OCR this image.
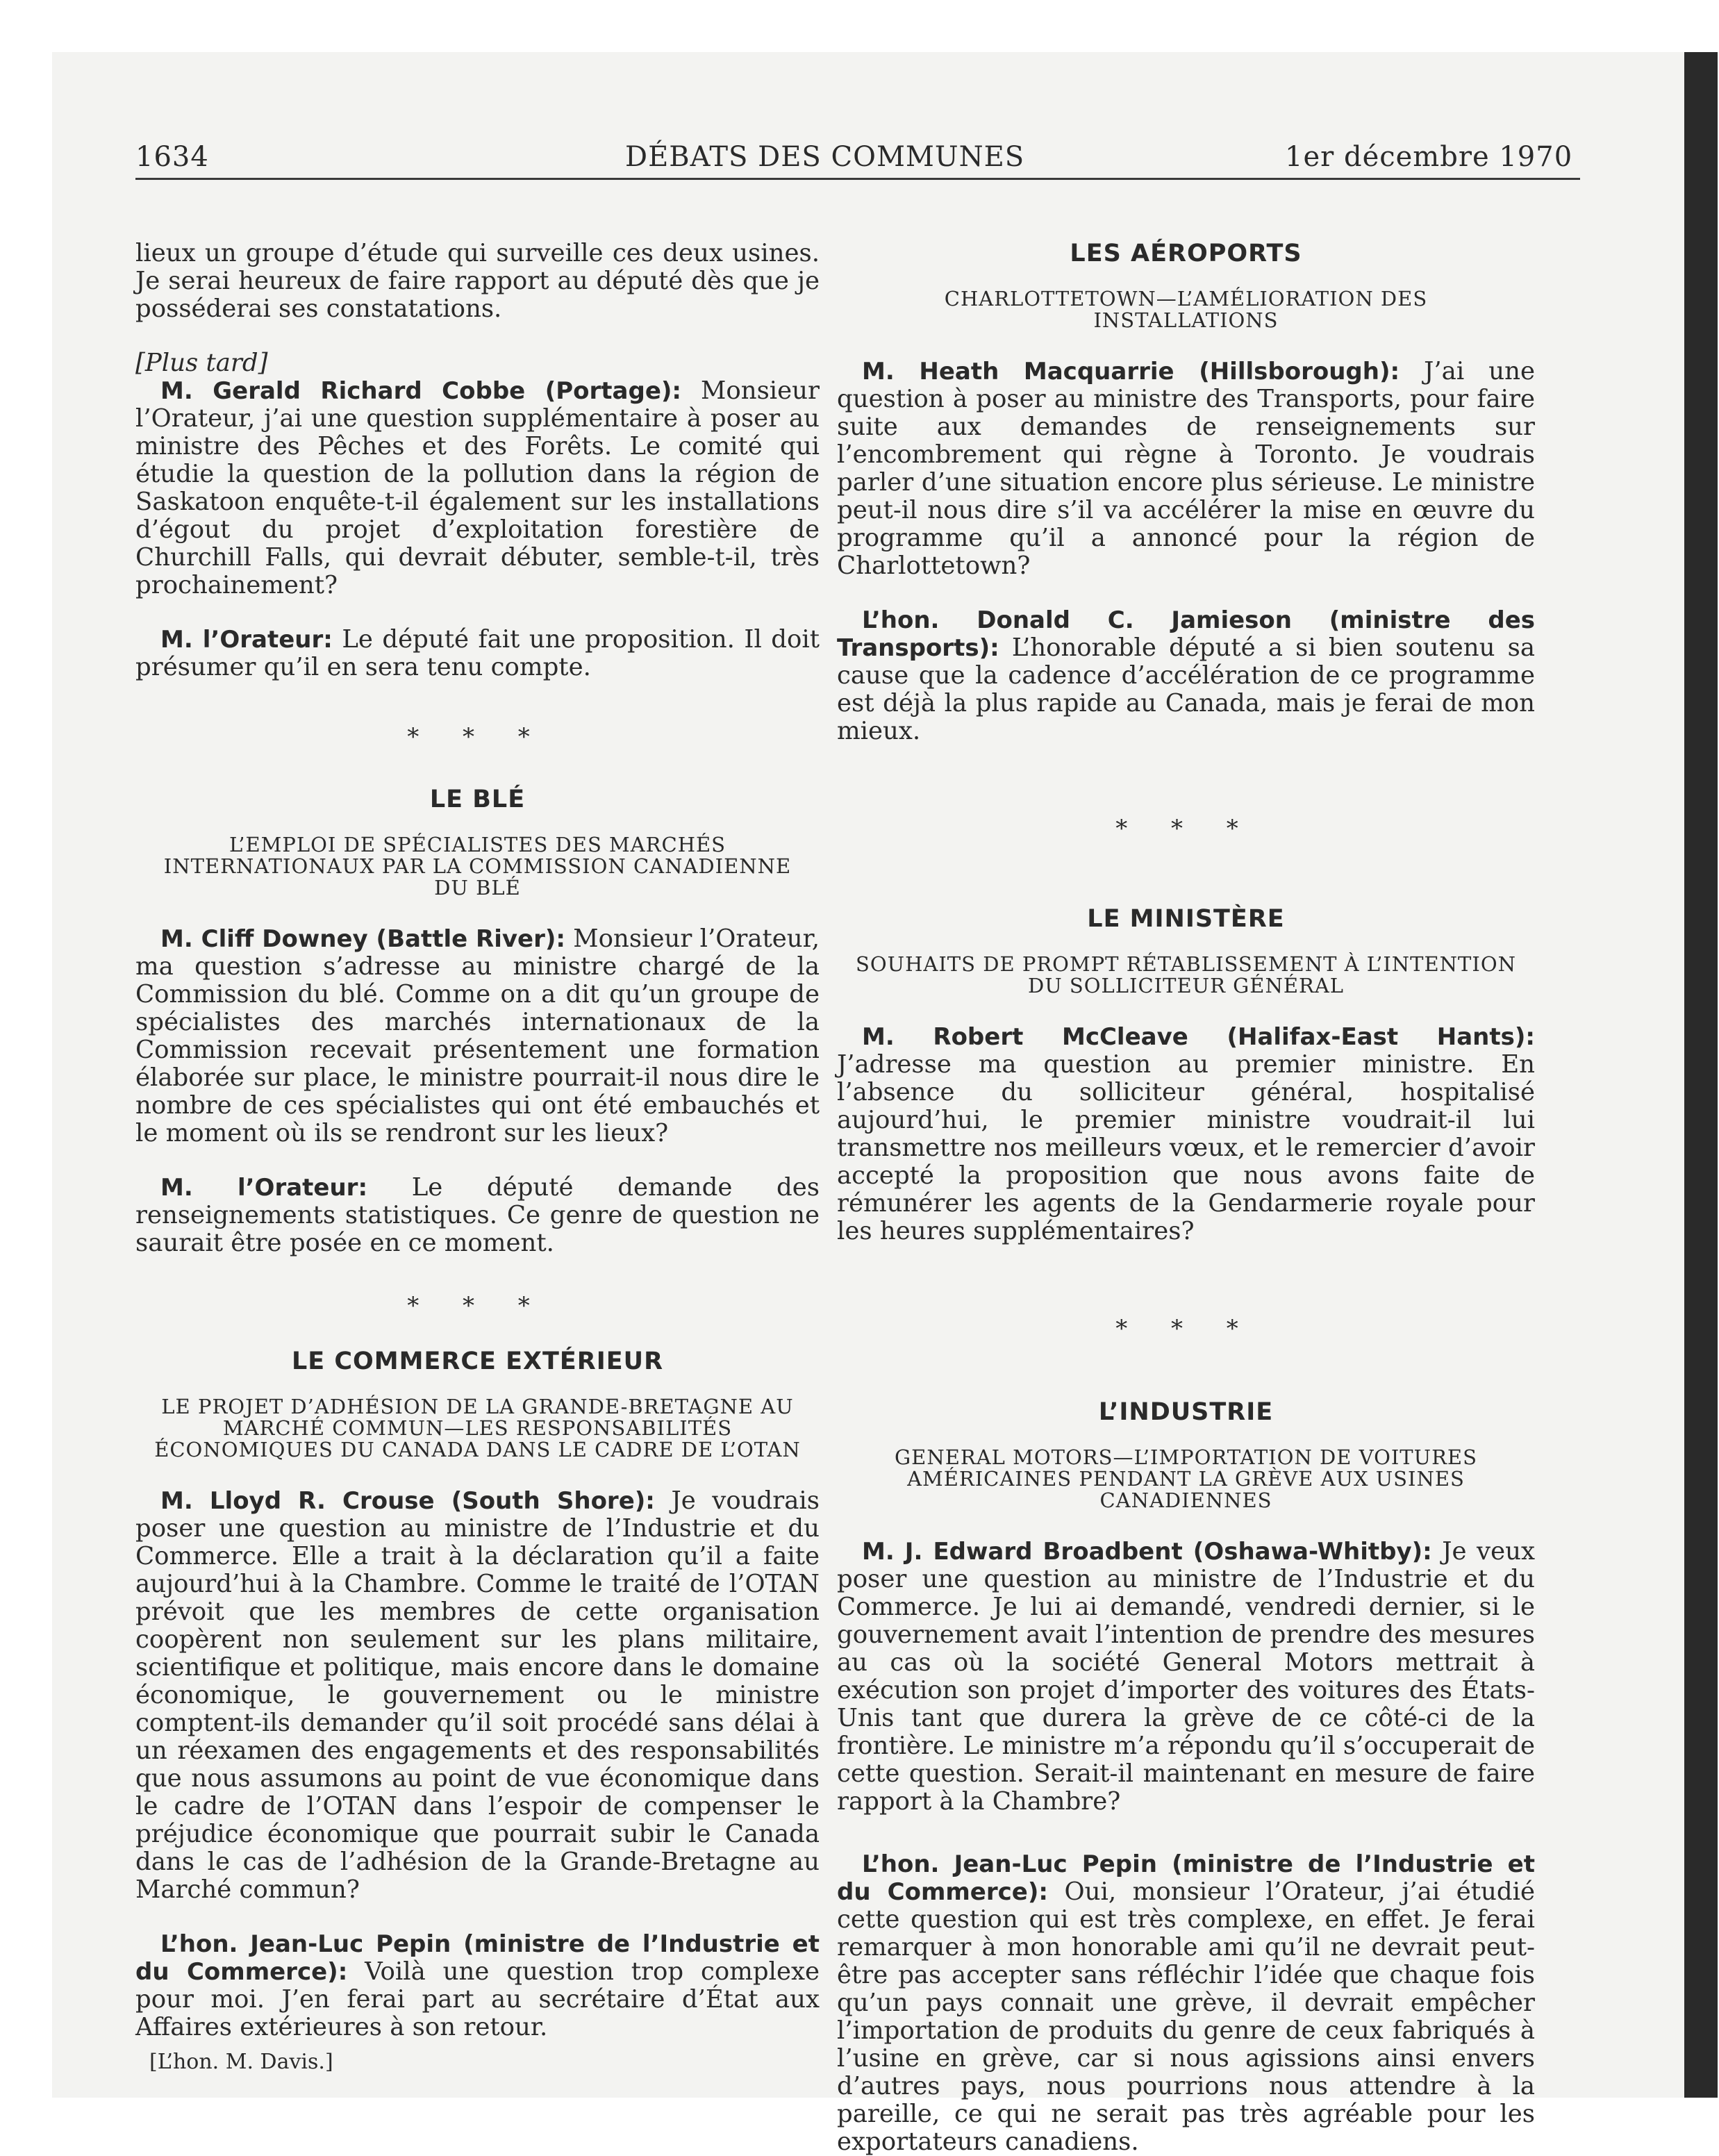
1634	DÉBATS DES COMMUNES	1er décembre 1970

lieux un groupe d’étude qui surveille ces deux usines. Je serai heureux de faire rapport au député dès que je posséderai ses constatations.

[Plus tard]

M. Gerald Richard Cobbe (Portage): Monsieur l’Orateur, j’ai une question supplémentaire à poser au ministre des Pêches et des Forêts. Le comité qui étudie la question de la pollution dans la région de Saskatoon enquête-t-il également sur les installations d’égout du projet d’exploitation forestière de Churchill Falls, qui devrait débuter, semble-t-il, très prochainement?

M. l’Orateur: Le député fait une proposition. Il doit présumer qu’il en sera tenu compte.

* * *

LE BLÉ

L’EMPLOI DE SPÉCIALISTES DES MARCHÉS INTERNATIONAUX PAR LA COMMISSION CANADIENNE DU BLÉ

M. Cliff Downey (Battle River): Monsieur l’Orateur, ma question s’adresse au ministre chargé de la Commission du blé. Comme on a dit qu’un groupe de spécialistes des marchés internationaux de la Commission recevait présentement une formation élaborée sur place, le ministre pourrait-il nous dire le nombre de ces spécialistes qui ont été embauchés et le moment où ils se rendront sur les lieux?

M. l’Orateur: Le député demande des renseignements statistiques. Ce genre de question ne saurait être posée en ce moment.

* * *

LE COMMERCE EXTÉRIEUR

LE PROJET D’ADHÉSION DE LA GRANDE-BRETAGNE AU MARCHÉ COMMUN—LES RESPONSABILITÉS ÉCONOMIQUES DU CANADA DANS LE CADRE DE L’OTAN

M. Lloyd R. Crouse (South Shore): Je voudrais poser une question au ministre de l’Industrie et du Commerce. Elle a trait à la déclaration qu’il a faite aujourd’hui à la Chambre. Comme le traité de l’OTAN prévoit que les membres de cette organisation coopèrent non seulement sur les plans militaire, scientifique et politique, mais encore dans le domaine économique, le gouvernement ou le ministre comptent-ils demander qu’il soit procédé sans délai à un réexamen des engagements et des responsabilités que nous assumons au point de vue économique dans le cadre de l’OTAN dans l’espoir de compenser le préjudice économique que pourrait subir le Canada dans le cas de l’adhésion de la Grande-Bretagne au Marché commun?

L’hon. Jean-Luc Pepin (ministre de l’Industrie et du Commerce): Voilà une question trop complexe pour moi. J’en ferai part au secrétaire d’État aux Affaires extérieures à son retour.

[L’hon. M. Davis.]

LES AÉROPORTS

CHARLOTTETOWN—L’AMÉLIORATION DES INSTALLATIONS

M. Heath Macquarrie (Hillsborough): J’ai une question à poser au ministre des Transports, pour faire suite aux demandes de renseignements sur l’encombrement qui règne à Toronto. Je voudrais parler d’une situation encore plus sérieuse. Le ministre peut-il nous dire s’il va accélérer la mise en œuvre du programme qu’il a annoncé pour la région de Charlottetown?

L’hon. Donald C. Jamieson (ministre des Transports): L’honorable député a si bien soutenu sa cause que la cadence d’accélération de ce programme est déjà la plus rapide au Canada, mais je ferai de mon mieux.

* * *

LE MINISTÈRE

SOUHAITS DE PROMPT RÉTABLISSEMENT À L’INTENTION DU SOLLICITEUR GÉNÉRAL

M. Robert McCleave (Halifax-East Hants): J’adresse ma question au premier ministre. En l’absence du solliciteur général, hospitalisé aujourd’hui, le premier ministre voudrait-il lui transmettre nos meilleurs vœux, et le remercier d’avoir accepté la proposition que nous avons faite de rémunérer les agents de la Gendarmerie royale pour les heures supplémentaires?

* * *

L’INDUSTRIE

GENERAL MOTORS—L’IMPORTATION DE VOITURES AMÉRICAINES PENDANT LA GRÈVE AUX USINES CANADIENNES

M. J. Edward Broadbent (Oshawa-Whitby): Je veux poser une question au ministre de l’Industrie et du Commerce. Je lui ai demandé, vendredi dernier, si le gouvernement avait l’intention de prendre des mesures au cas où la société General Motors mettrait à exécution son projet d’importer des voitures des États-Unis tant que durera la grève de ce côté-ci de la frontière. Le ministre m’a répondu qu’il s’occuperait de cette question. Serait-il maintenant en mesure de faire rapport à la Chambre?

L’hon. Jean-Luc Pepin (ministre de l’Industrie et du Commerce): Oui, monsieur l’Orateur, j’ai étudié cette question qui est très complexe, en effet. Je ferai remarquer à mon honorable ami qu’il ne devrait peut-être pas accepter sans réfléchir l’idée que chaque fois qu’un pays connait une grève, il devrait empêcher l’importation de produits du genre de ceux fabriqués à l’usine en grève, car si nous agissions ainsi envers d’autres pays, nous pourrions nous attendre à la pareille, ce qui ne serait pas très agréable pour les exportateurs canadiens.
